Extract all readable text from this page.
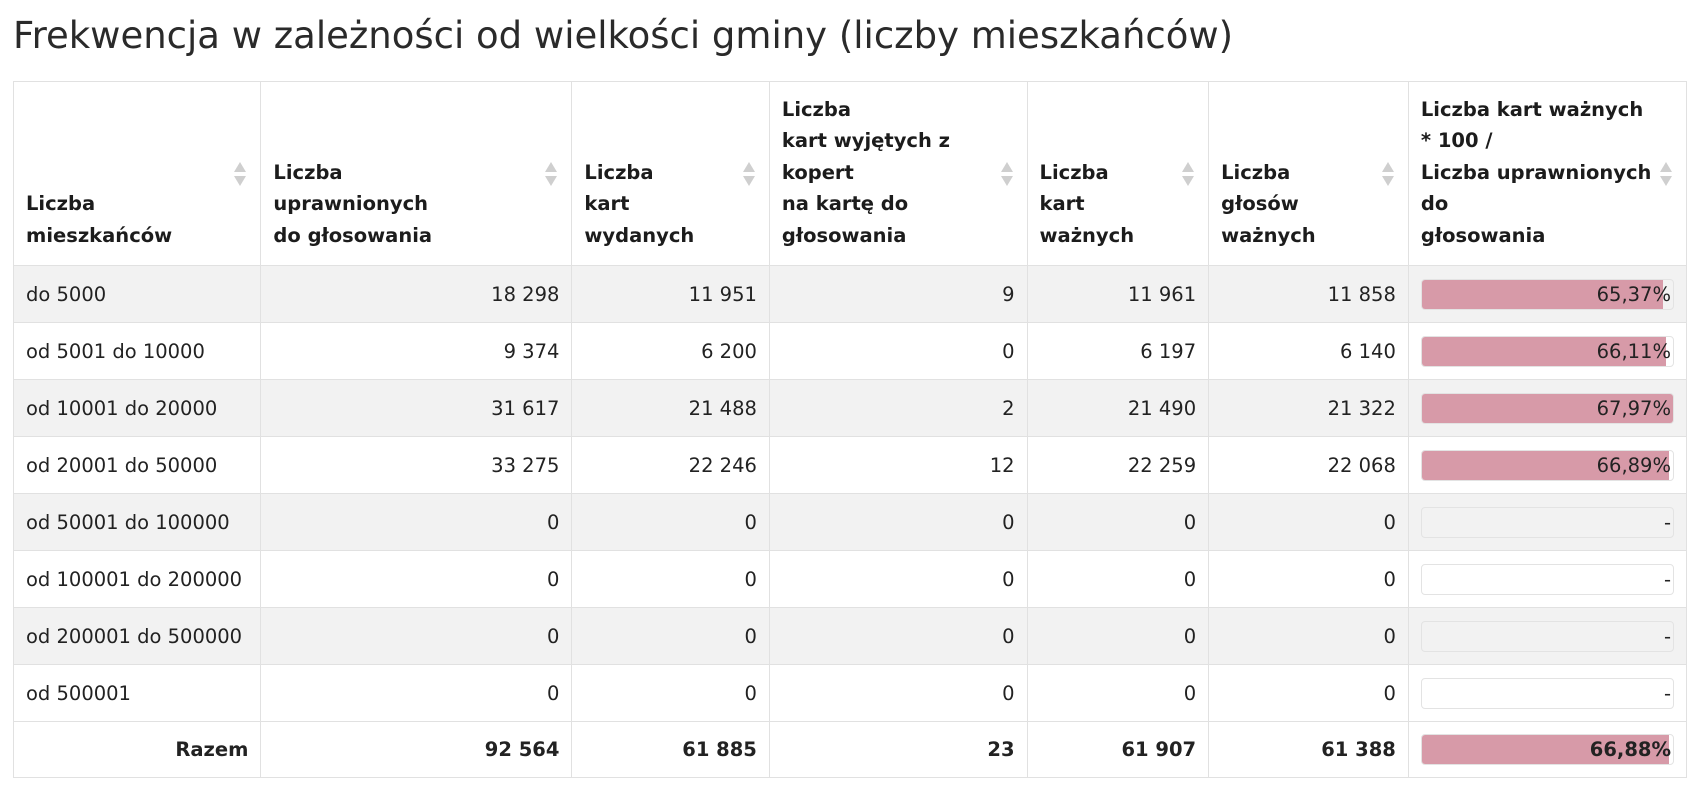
Frekwencja w zależności od wielkości gminy (liczby mieszkańców)
Liczba
mieszkańców	Liczba
uprawnionych
do głosowania	Liczba
kart
wydanych	Liczba
kart wyjętych z
kopert
na kartę do
głosowania	Liczba
kart
ważnych	Liczba
głosów
ważnych	Liczba kart ważnych * 100 /
Liczba uprawnionych do
głosowania

do 5000	18 298	11 951	9	11 961	11 858	65,37%

od 5001 do 10000	9 374	6 200	0	6 197	6 140	66,11%

od 10001 do 20000	31 617	21 488	2	21 490	21 322	67,97%

od 20001 do 50000	33 275	22 246	12	22 259	22 068	66,89%

od 50001 do 100000	0	0	0	0	0	-

od 100001 do 200000	0	0	0	0	0	-

od 200001 do 500000	0	0	0	0	0	-

od 500001	0	0	0	0	0	-

Razem	92 564	61 885	23	61 907	61 388	66,88%
